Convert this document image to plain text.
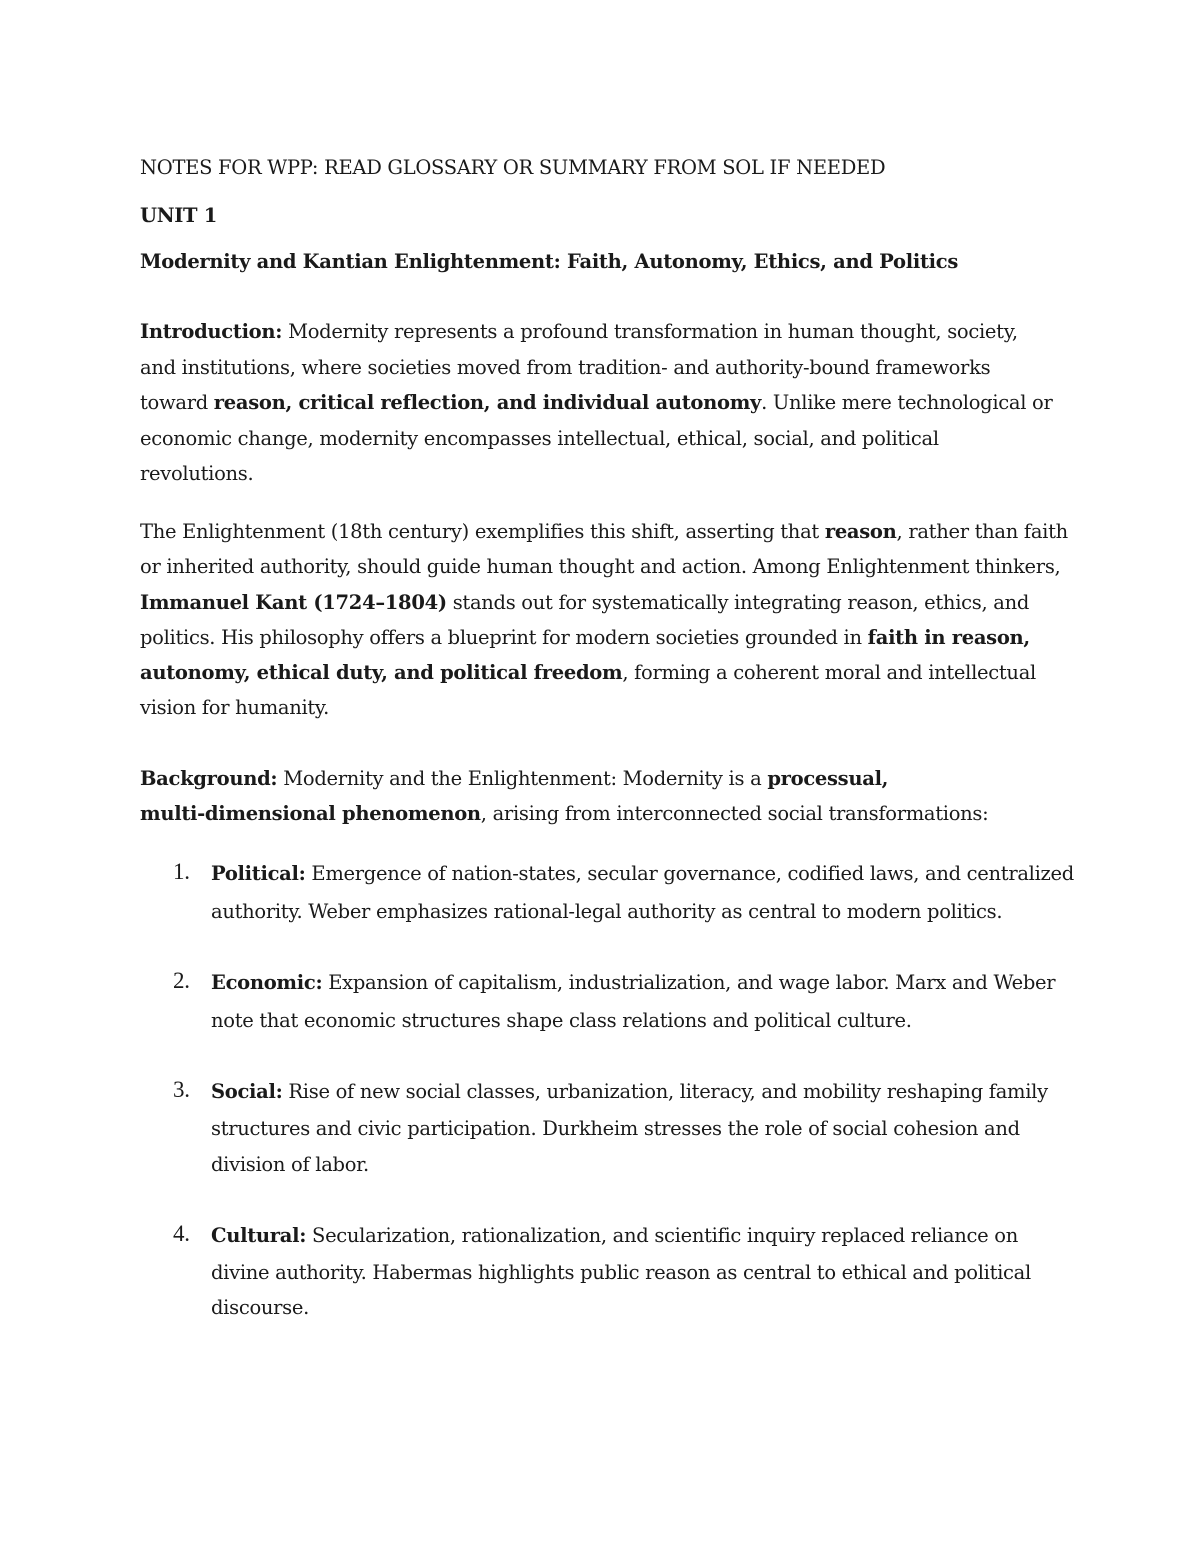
NOTES FOR WPP: READ GLOSSARY OR SUMMARY FROM SOL IF NEEDED
UNIT 1
Modernity and Kantian Enlightenment: Faith, Autonomy, Ethics, and Politics
Introduction: Modernity represents a profound transformation in human thought, society,
and institutions, where societies moved from tradition- and authority-bound frameworks
toward reason, critical reflection, and individual autonomy. Unlike mere technological or
economic change, modernity encompasses intellectual, ethical, social, and political
revolutions.
The Enlightenment (18th century) exemplifies this shift, asserting that reason, rather than faith
or inherited authority, should guide human thought and action. Among Enlightenment thinkers,
Immanuel Kant (1724–1804) stands out for systematically integrating reason, ethics, and
politics. His philosophy offers a blueprint for modern societies grounded in faith in reason,
autonomy, ethical duty, and political freedom, forming a coherent moral and intellectual
vision for humanity.
Background: Modernity and the Enlightenment: Modernity is a processual,
multi-dimensional phenomenon, arising from interconnected social transformations:
1. Political: Emergence of nation-states, secular governance, codified laws, and centralized
authority. Weber emphasizes rational-legal authority as central to modern politics.
2. Economic: Expansion of capitalism, industrialization, and wage labor. Marx and Weber
note that economic structures shape class relations and political culture.
3. Social: Rise of new social classes, urbanization, literacy, and mobility reshaping family
structures and civic participation. Durkheim stresses the role of social cohesion and
division of labor.
4. Cultural: Secularization, rationalization, and scientific inquiry replaced reliance on
divine authority. Habermas highlights public reason as central to ethical and political
discourse.
